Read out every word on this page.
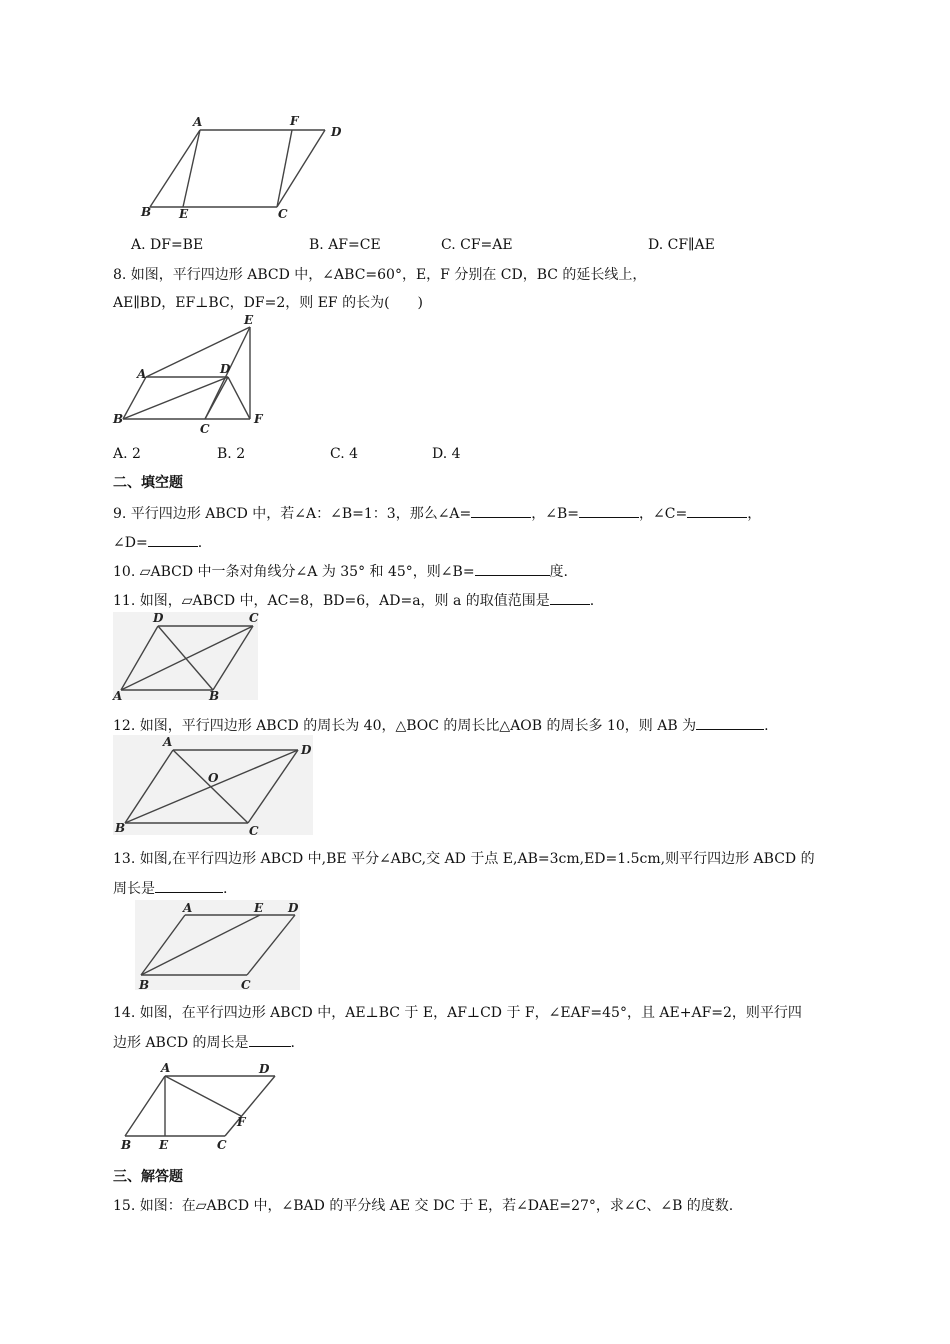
A	F
D
B E	C
A. DF=BE	B. AF=CE	C. CF=AE	D. CF∥AE
8. 如图，平行四边形 ABCD 中，∠ABC=60°，E，F 分别在 CD，BC 的延长线上，
AE∥BD，EF⊥BC，DF=2，则 EF 的长为(　　)
E
A	D
B
C
F
A. 2	B. 2	C. 4	D. 4
二、填空题
9. 平行四边形 ABCD 中，若∠A：∠B=1：3，那么∠A=	，∠B=	，∠C=	，
∠D=	.
10. ▱ABCD 中一条对角线分∠A 为 35° 和 45°，则∠B=	度.
11. 如图，▱ABCD 中，AC=8，BD=6，AD=a，则 a 的取值范围是	.
D	C
A	B
12. 如图，平行四边形 ABCD 的周长为 40，△BOC 的周长比△AOB 的周长多 10，则 AB 为	.
A
D
O
B	C
13. 如图,在平行四边形 ABCD 中,BE 平分∠ABC,交 AD 于点 E,AB=3cm,ED=1.5cm,则平行四边形 ABCD 的
周长是	.
A	E D
B	C
14. 如图，在平行四边形 ABCD 中，AE⊥BC 于 E，AF⊥CD 于 F，∠EAF=45°，且 AE+AF=2，则平行四
边形 ABCD 的周长是	.
A	D
F
B E	C
三、解答题
15. 如图：在▱ABCD 中，∠BAD 的平分线 AE 交 DC 于 E，若∠DAE=27°，求∠C、∠B 的度数.
